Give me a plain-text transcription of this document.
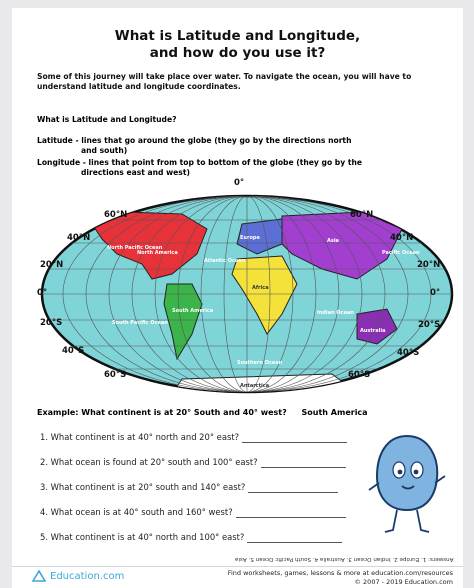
What is Latitude and Longitude,
and how do you use it?
Some of this journey will take place over water. To navigate the ocean, you will have to understand latitude and longitude coordinates.
What is Latitude and Longitude?
Latitude - lines that go around the globe (they go by the directions north
and south)
Longitude - lines that point from top to bottom of the globe (they go by the
directions east and west)
North America
Europe	Asia
Africa
South America
Australia
Antarctica
North Pacific Ocean
Atlantic Ocean
South Pacific Ocean
Indian Ocean
Southern Ocean
Pacific Ocean
0°
60°N	60°N
40°N	40°N
20°N	20°N
0°	0°
20°S	20°S
40°S	40°S
60°S	60°S
Example: What continent is at 20° South and 40° west? South America
1. What continent is at 40° north and 20° east?
2. What ocean is found at 20° south and 100° east?
3. What continent is at 20° south and 140° east?
4. What ocean is at 40° south and 160° west?
5. What continent is at 40° north and 100° east?
Answers: 1. Europe 2. Indian Ocean 3. Australia 4. South Pacific Ocean 5. Asia
Education.com	Find worksheets, games, lessons & more at education.com/resources
© 2007 - 2019 Education.com
